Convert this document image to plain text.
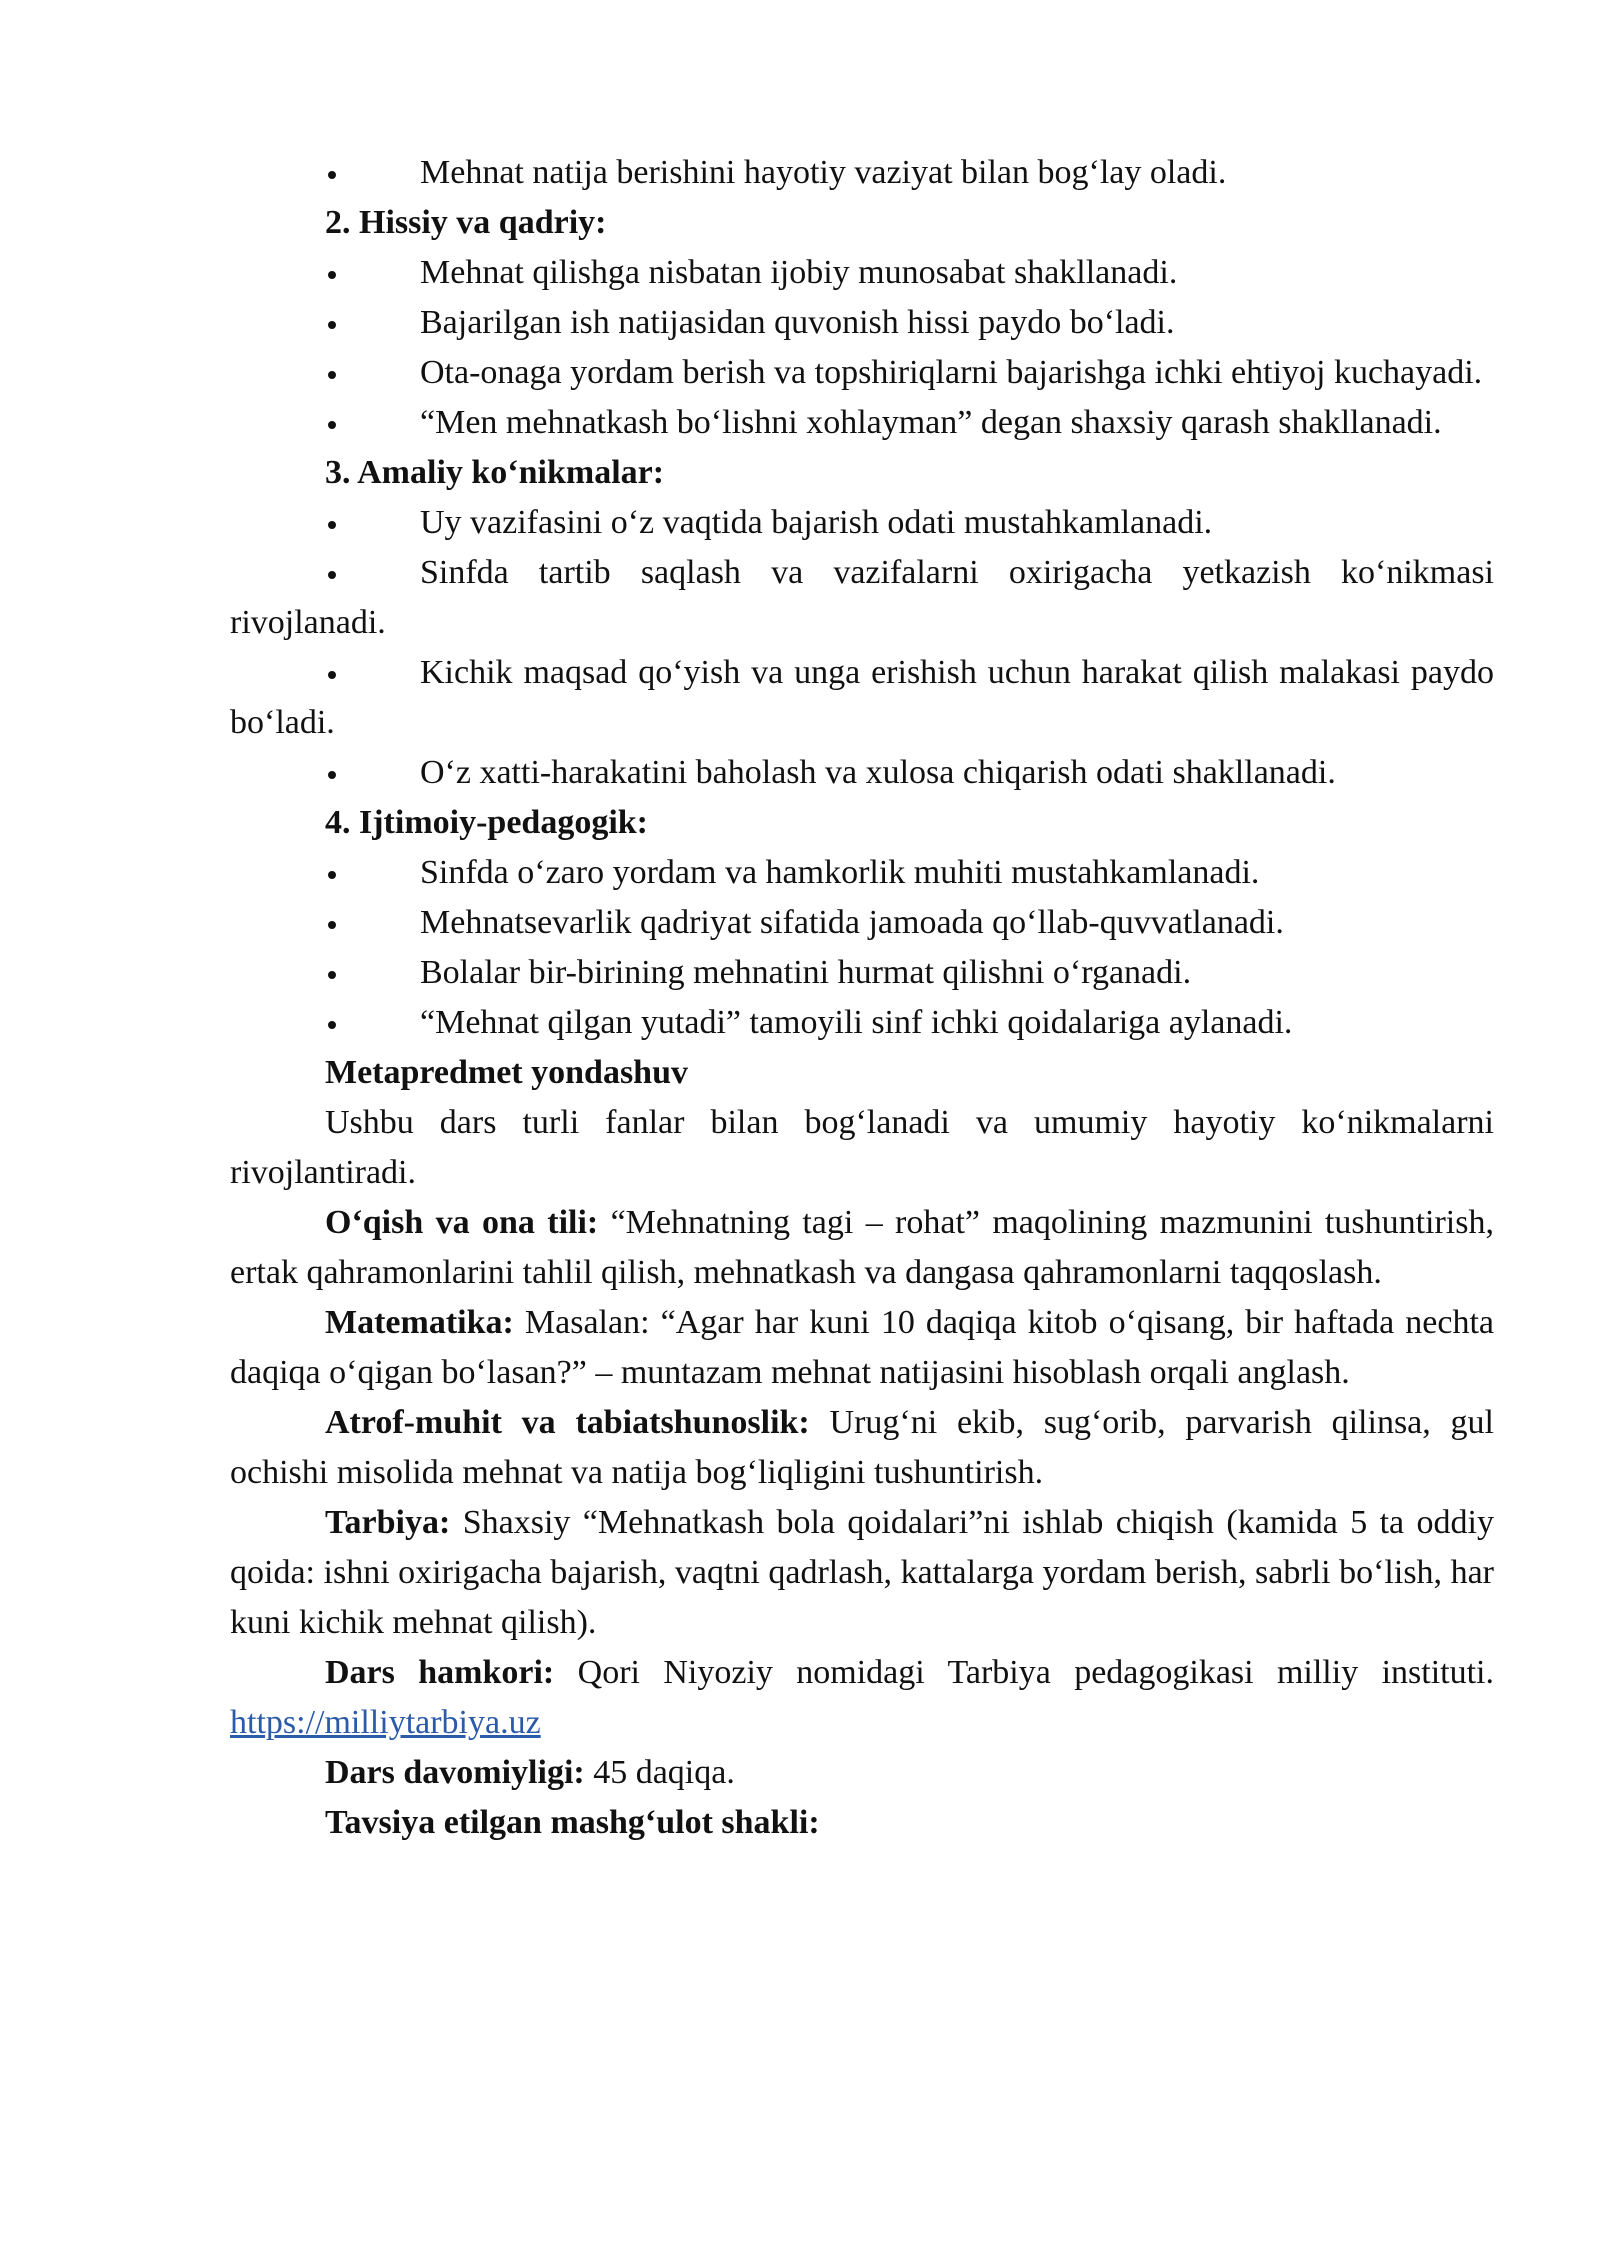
Mehnat natija berishini hayotiy vaziyat bilan bog‘lay oladi.

2. Hissiy va qadriy:

Mehnat qilishga nisbatan ijobiy munosabat shakllanadi.

Bajarilgan ish natijasidan quvonish hissi paydo bo‘ladi.

Ota-onaga yordam berish va topshiriqlarni bajarishga ichki ehtiyoj kuchayadi.

“Men mehnatkash bo‘lishni xohlayman” degan shaxsiy qarash shakllanadi.

3. Amaliy ko‘nikmalar:

Uy vazifasini o‘z vaqtida bajarish odati mustahkamlanadi.

Sinfda tartib saqlash va vazifalarni oxirigacha yetkazish ko‘nikmasi rivojlanadi.

Kichik maqsad qo‘yish va unga erishish uchun harakat qilish malakasi paydo bo‘ladi.

O‘z xatti-harakatini baholash va xulosa chiqarish odati shakllanadi.

4. Ijtimoiy-pedagogik:

Sinfda o‘zaro yordam va hamkorlik muhiti mustahkamlanadi.

Mehnatsevarlik qadriyat sifatida jamoada qo‘llab-quvvatlanadi.

Bolalar bir-birining mehnatini hurmat qilishni o‘rganadi.

“Mehnat qilgan yutadi” tamoyili sinf ichki qoidalariga aylanadi.

Metapredmet yondashuv

Ushbu dars turli fanlar bilan bog‘lanadi va umumiy hayotiy ko‘nikmalarni rivojlantiradi.

O‘qish va ona tili: “Mehnatning tagi – rohat” maqolining mazmunini tushuntirish, ertak qahramonlarini tahlil qilish, mehnatkash va dangasa qahramonlarni taqqoslash.

Matematika: Masalan: “Agar har kuni 10 daqiqa kitob o‘qisang, bir haftada nechta daqiqa o‘qigan bo‘lasan?” – muntazam mehnat natijasini hisoblash orqali anglash.

Atrof-muhit va tabiatshunoslik: Urug‘ni ekib, sug‘orib, parvarish qilinsa, gul ochishi misolida mehnat va natija bog‘liqligini tushuntirish.

Tarbiya: Shaxsiy “Mehnatkash bola qoidalari”ni ishlab chiqish (kamida 5 ta oddiy qoida: ishni oxirigacha bajarish, vaqtni qadrlash, kattalarga yordam berish, sabrli bo‘lish, har kuni kichik mehnat qilish).

Dars hamkori: Qori Niyoziy nomidagi Tarbiya pedagogikasi milliy instituti. https://milliytarbiya.uz

Dars davomiyligi: 45 daqiqa.

Tavsiya etilgan mashg‘ulot shakli:
